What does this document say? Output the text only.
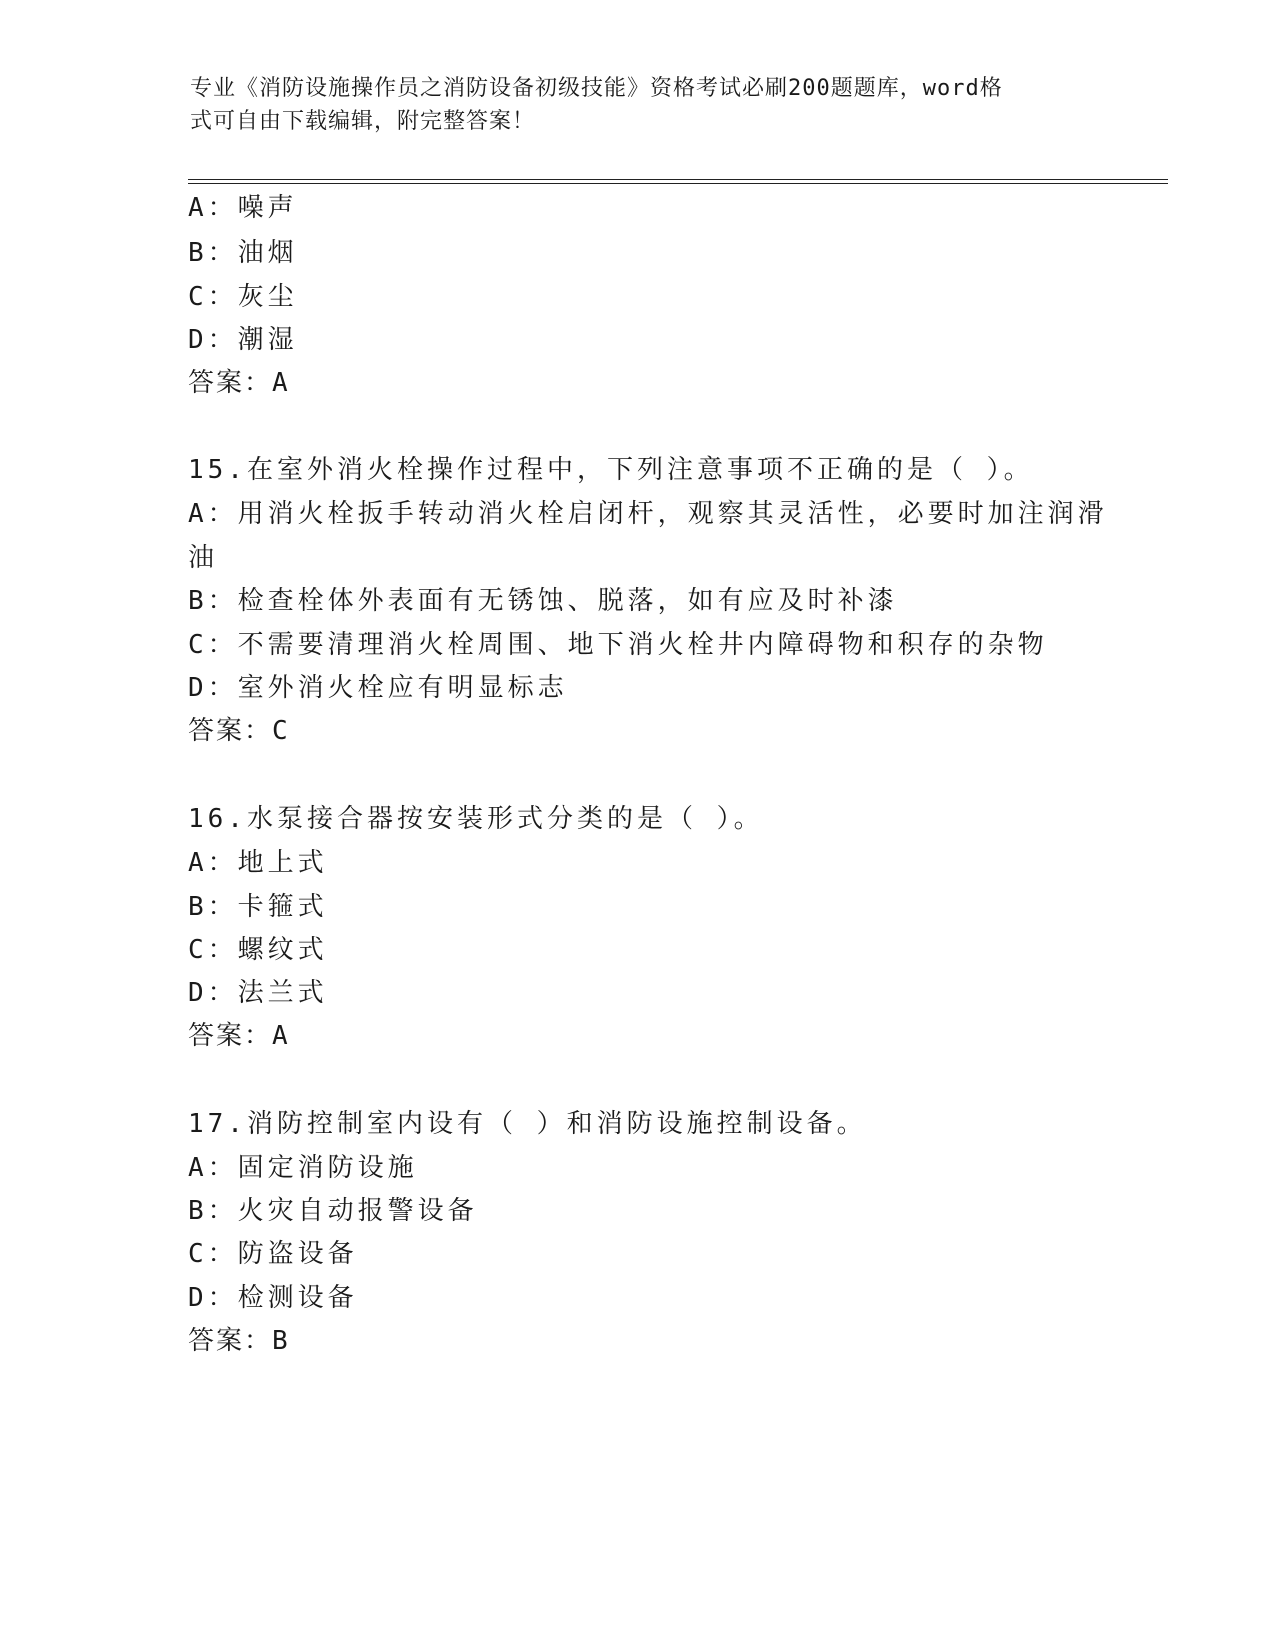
专业《消防设施操作员之消防设备初级技能》资格考试必刷200题题库，word格
式可自由下载编辑，附完整答案！
A：噪声
B：油烟
C：灰尘
D：潮湿
答案：A
15.在室外消火栓操作过程中，下列注意事项不正确的是（ ）。
A：用消火栓扳手转动消火栓启闭杆，观察其灵活性，必要时加注润滑
油
B：检查栓体外表面有无锈蚀、脱落，如有应及时补漆
C：不需要清理消火栓周围、地下消火栓井内障碍物和积存的杂物
D：室外消火栓应有明显标志
答案：C
16.水泵接合器按安装形式分类的是（ ）。
A：地上式
B：卡箍式
C：螺纹式
D：法兰式
答案：A
17.消防控制室内设有（ ）和消防设施控制设备。
A：固定消防设施
B：火灾自动报警设备
C：防盗设备
D：检测设备
答案：B
